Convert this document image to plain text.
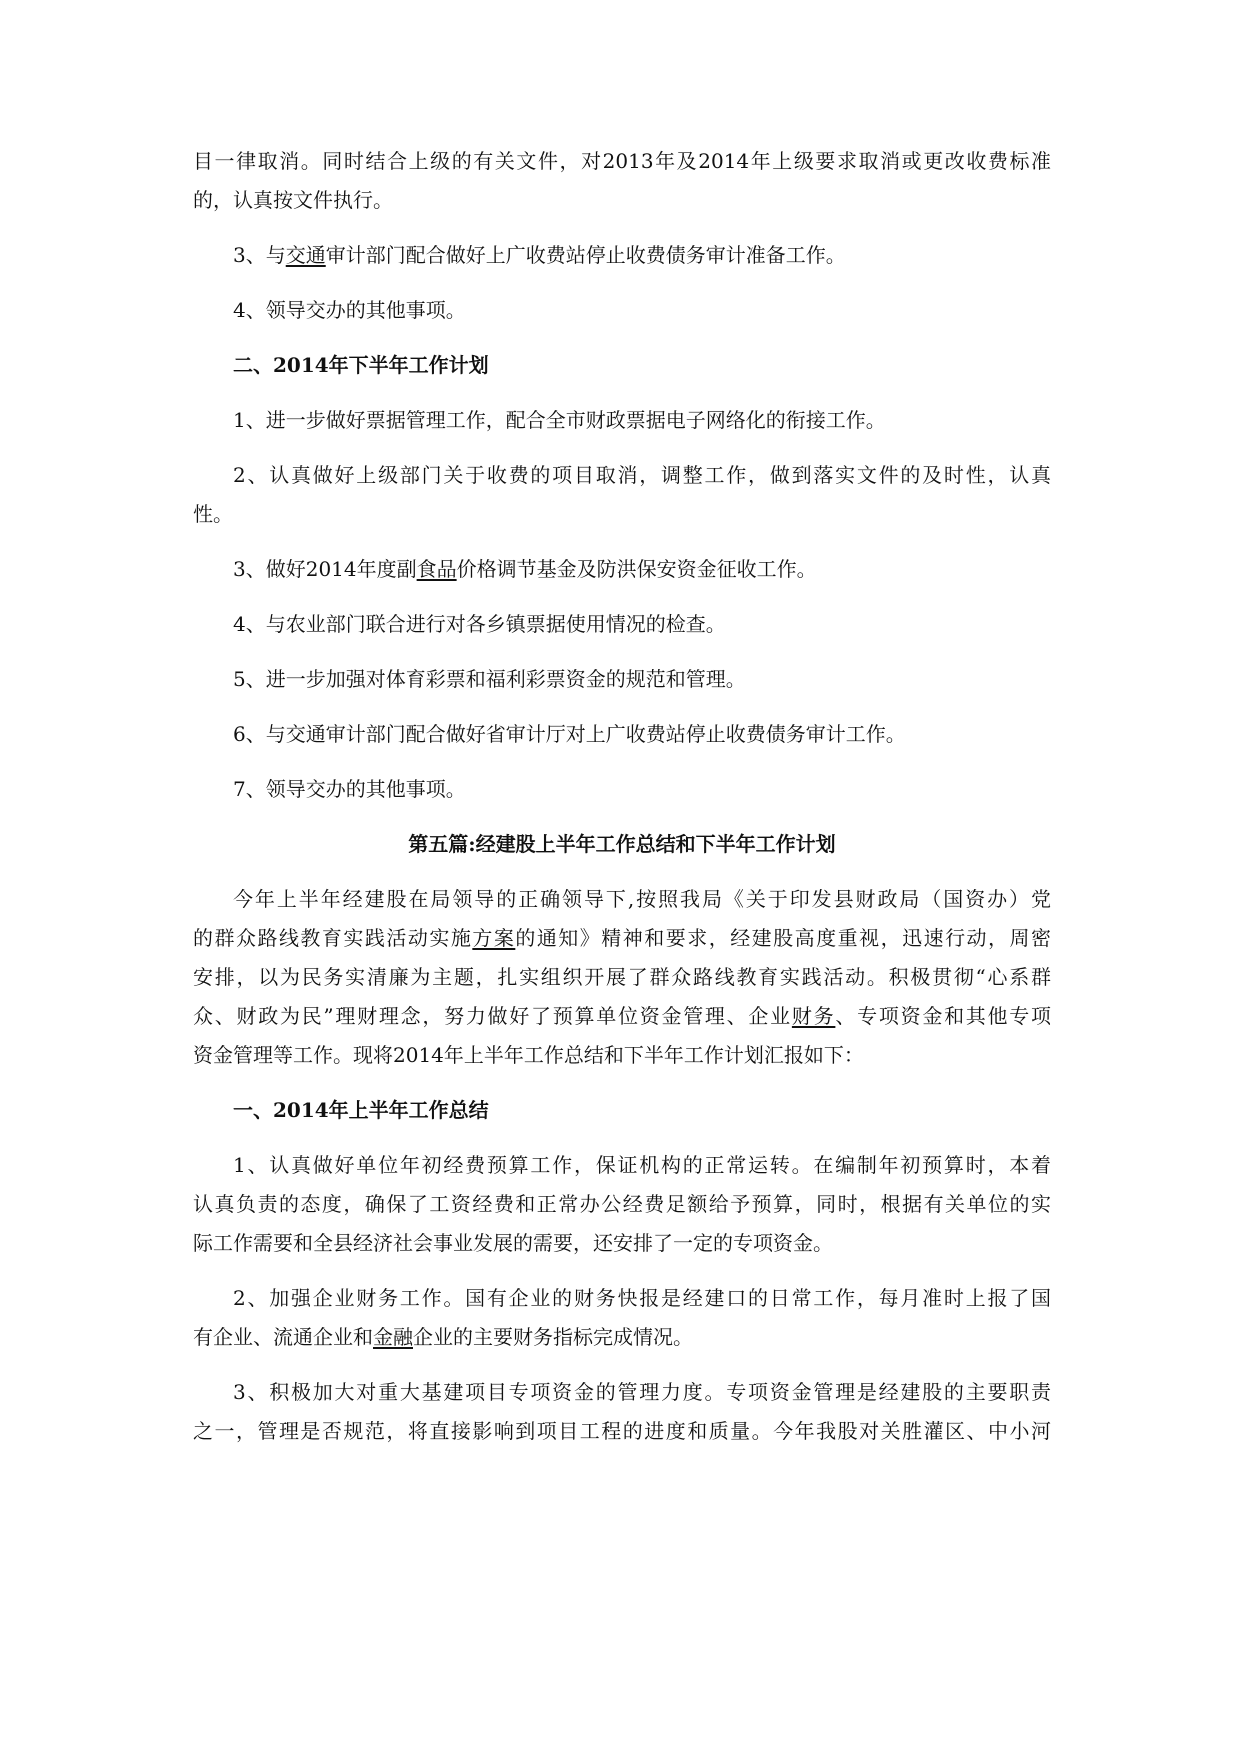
目一律取消。同时结合上级的有关文件，对2013年及2014年上级要求取消或更改收费标准
的，认真按文件执行。
3、与交通审计部门配合做好上广收费站停止收费债务审计准备工作。
4、领导交办的其他事项。
二、2014年下半年工作计划
1、进一步做好票据管理工作，配合全市财政票据电子网络化的衔接工作。
2、认真做好上级部门关于收费的项目取消，调整工作，做到落实文件的及时性，认真
性。
3、做好2014年度副食品价格调节基金及防洪保安资金征收工作。
4、与农业部门联合进行对各乡镇票据使用情况的检查。
5、进一步加强对体育彩票和福利彩票资金的规范和管理。
6、与交通审计部门配合做好省审计厅对上广收费站停止收费债务审计工作。
7、领导交办的其他事项。
第五篇:经建股上半年工作总结和下半年工作计划
今年上半年经建股在局领导的正确领导下,按照我局《关于印发县财政局（国资办）党
的群众路线教育实践活动实施方案的通知》精神和要求，经建股高度重视，迅速行动，周密
安排，以为民务实清廉为主题，扎实组织开展了群众路线教育实践活动。积极贯彻“心系群
众、财政为民”理财理念，努力做好了预算单位资金管理、企业财务、专项资金和其他专项
资金管理等工作。现将2014年上半年工作总结和下半年工作计划汇报如下：
一、2014年上半年工作总结
1、认真做好单位年初经费预算工作，保证机构的正常运转。在编制年初预算时，本着
认真负责的态度，确保了工资经费和正常办公经费足额给予预算，同时，根据有关单位的实
际工作需要和全县经济社会事业发展的需要，还安排了一定的专项资金。
2、加强企业财务工作。国有企业的财务快报是经建口的日常工作，每月准时上报了国
有企业、流通企业和金融企业的主要财务指标完成情况。
3、积极加大对重大基建项目专项资金的管理力度。专项资金管理是经建股的主要职责
之一，管理是否规范，将直接影响到项目工程的进度和质量。今年我股对关胜灌区、中小河
